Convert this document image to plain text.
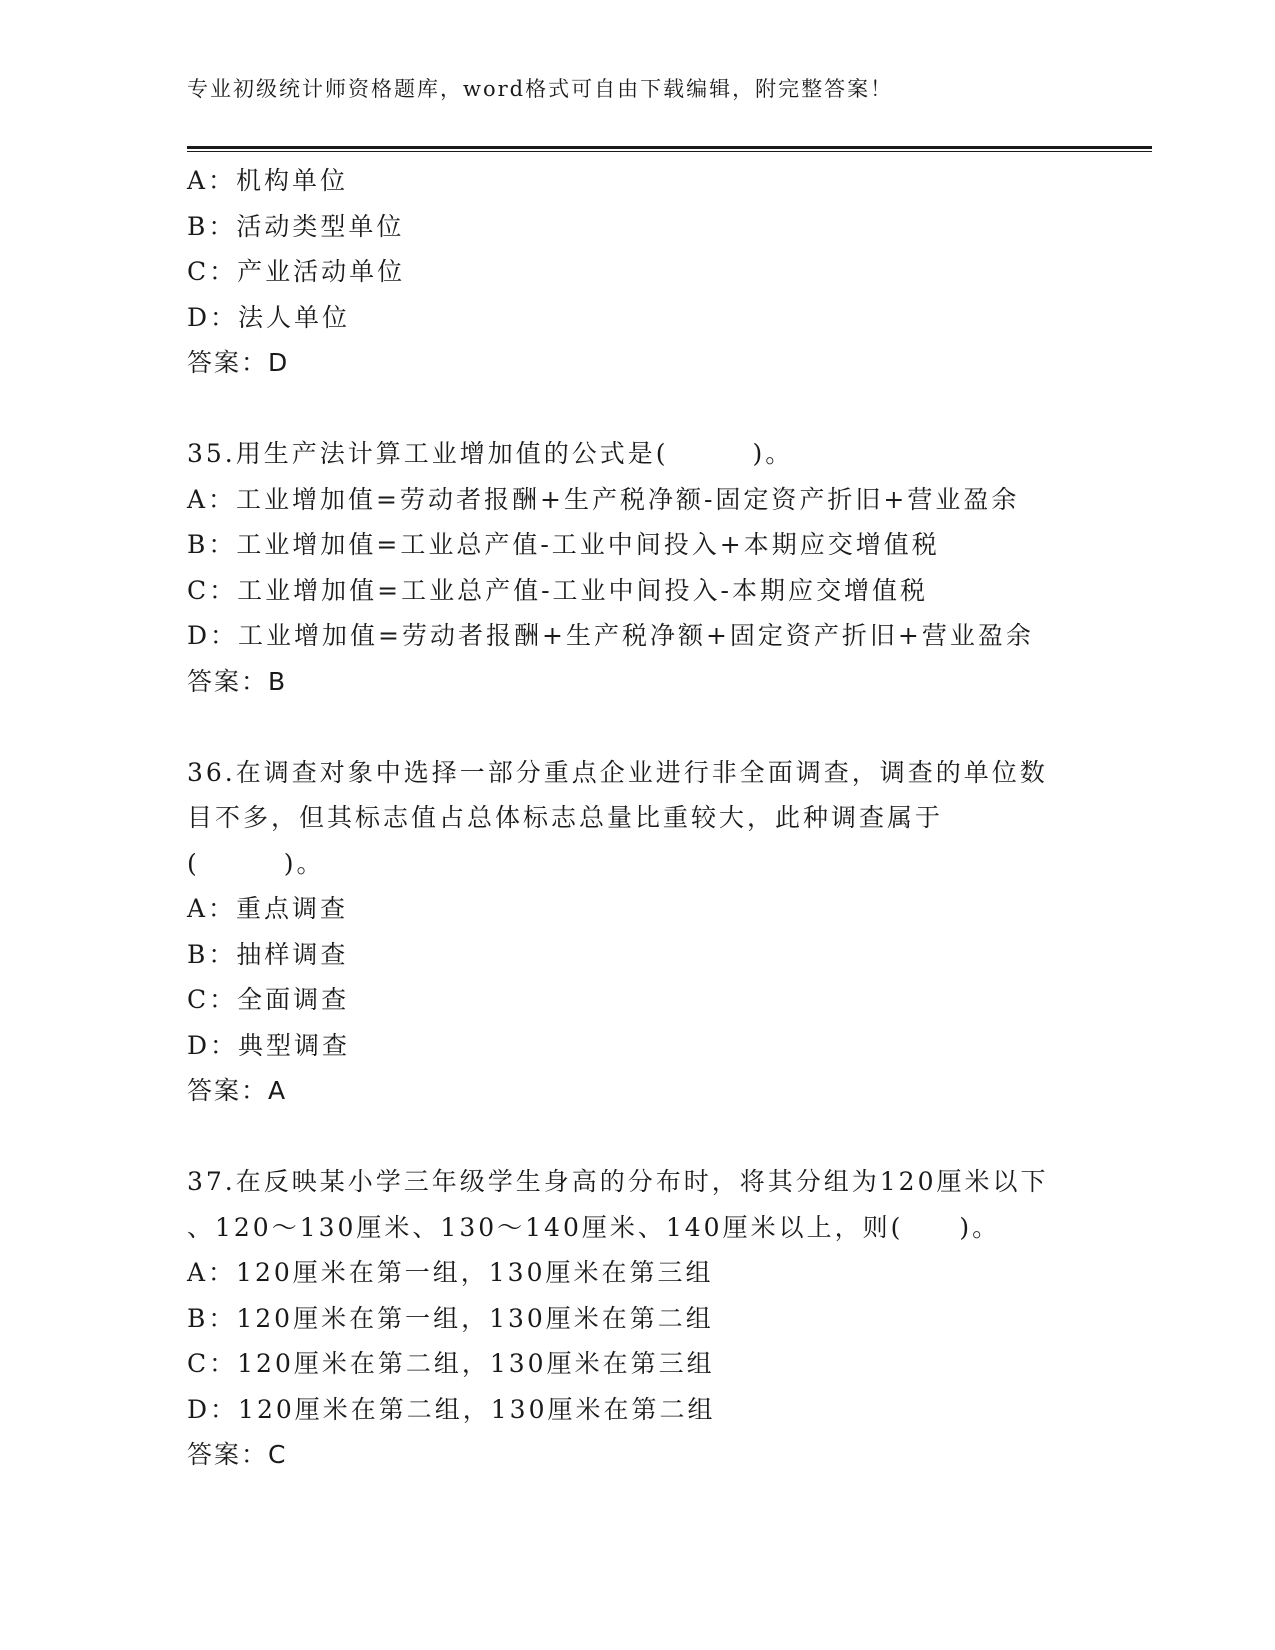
专业初级统计师资格题库，word格式可自由下载编辑，附完整答案！
A：机构单位
B：活动类型单位
C：产业活动单位
D：法人单位
答案：D
35.用生产法计算工业增加值的公式是(　　　)。
A：工业增加值=劳动者报酬+生产税净额-固定资产折旧+营业盈余
B：工业增加值=工业总产值-工业中间投入+本期应交增值税
C：工业增加值=工业总产值-工业中间投入-本期应交增值税
D：工业增加值=劳动者报酬+生产税净额+固定资产折旧+营业盈余
答案：B
36.在调查对象中选择一部分重点企业进行非全面调查，调查的单位数
目不多，但其标志值占总体标志总量比重较大，此种调查属于
(　　　)。
A：重点调查
B：抽样调查
C：全面调查
D：典型调查
答案：A
37.在反映某小学三年级学生身高的分布时，将其分组为120厘米以下
、120～130厘米、130～140厘米、140厘米以上，则(　　)。
A：120厘米在第一组，130厘米在第三组
B：120厘米在第一组，130厘米在第二组
C：120厘米在第二组，130厘米在第三组
D：120厘米在第二组，130厘米在第二组
答案：C
